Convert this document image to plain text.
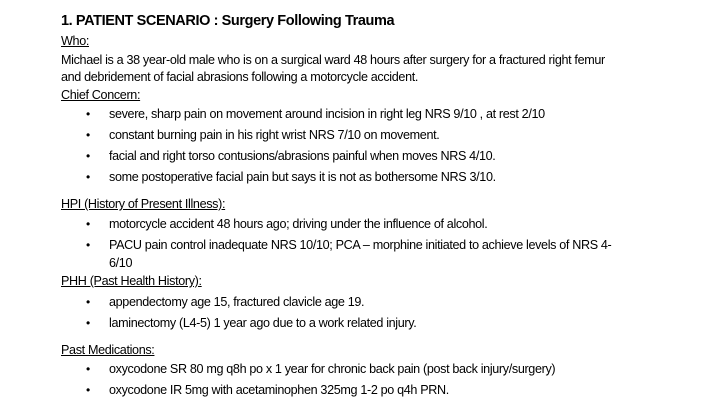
1. PATIENT SCENARIO : Surgery Following Trauma
Who:
Michael is a 38 year-old male who is on a surgical ward 48 hours after surgery for a fractured right femur
and debridement of facial abrasions following a motorcycle accident.
Chief Concern:
• severe, sharp pain on movement around incision in right leg NRS 9/10 , at rest 2/10
• constant burning pain in his right wrist NRS 7/10 on movement.
• facial and right torso contusions/abrasions painful when moves NRS 4/10.
• some postoperative facial pain but says it is not as bothersome NRS 3/10.
HPI (History of Present Illness):
• motorcycle accident 48 hours ago; driving under the influence of alcohol.
• PACU pain control inadequate NRS 10/10; PCA – morphine initiated to achieve levels of NRS 4-
6/10
PHH (Past Health History):
• appendectomy age 15, fractured clavicle age 19.
• laminectomy (L4-5) 1 year ago due to a work related injury.
Past Medications:
• oxycodone SR 80 mg q8h po x 1 year for chronic back pain (post back injury/surgery)
• oxycodone IR 5mg with acetaminophen 325mg 1-2 po q4h PRN.
